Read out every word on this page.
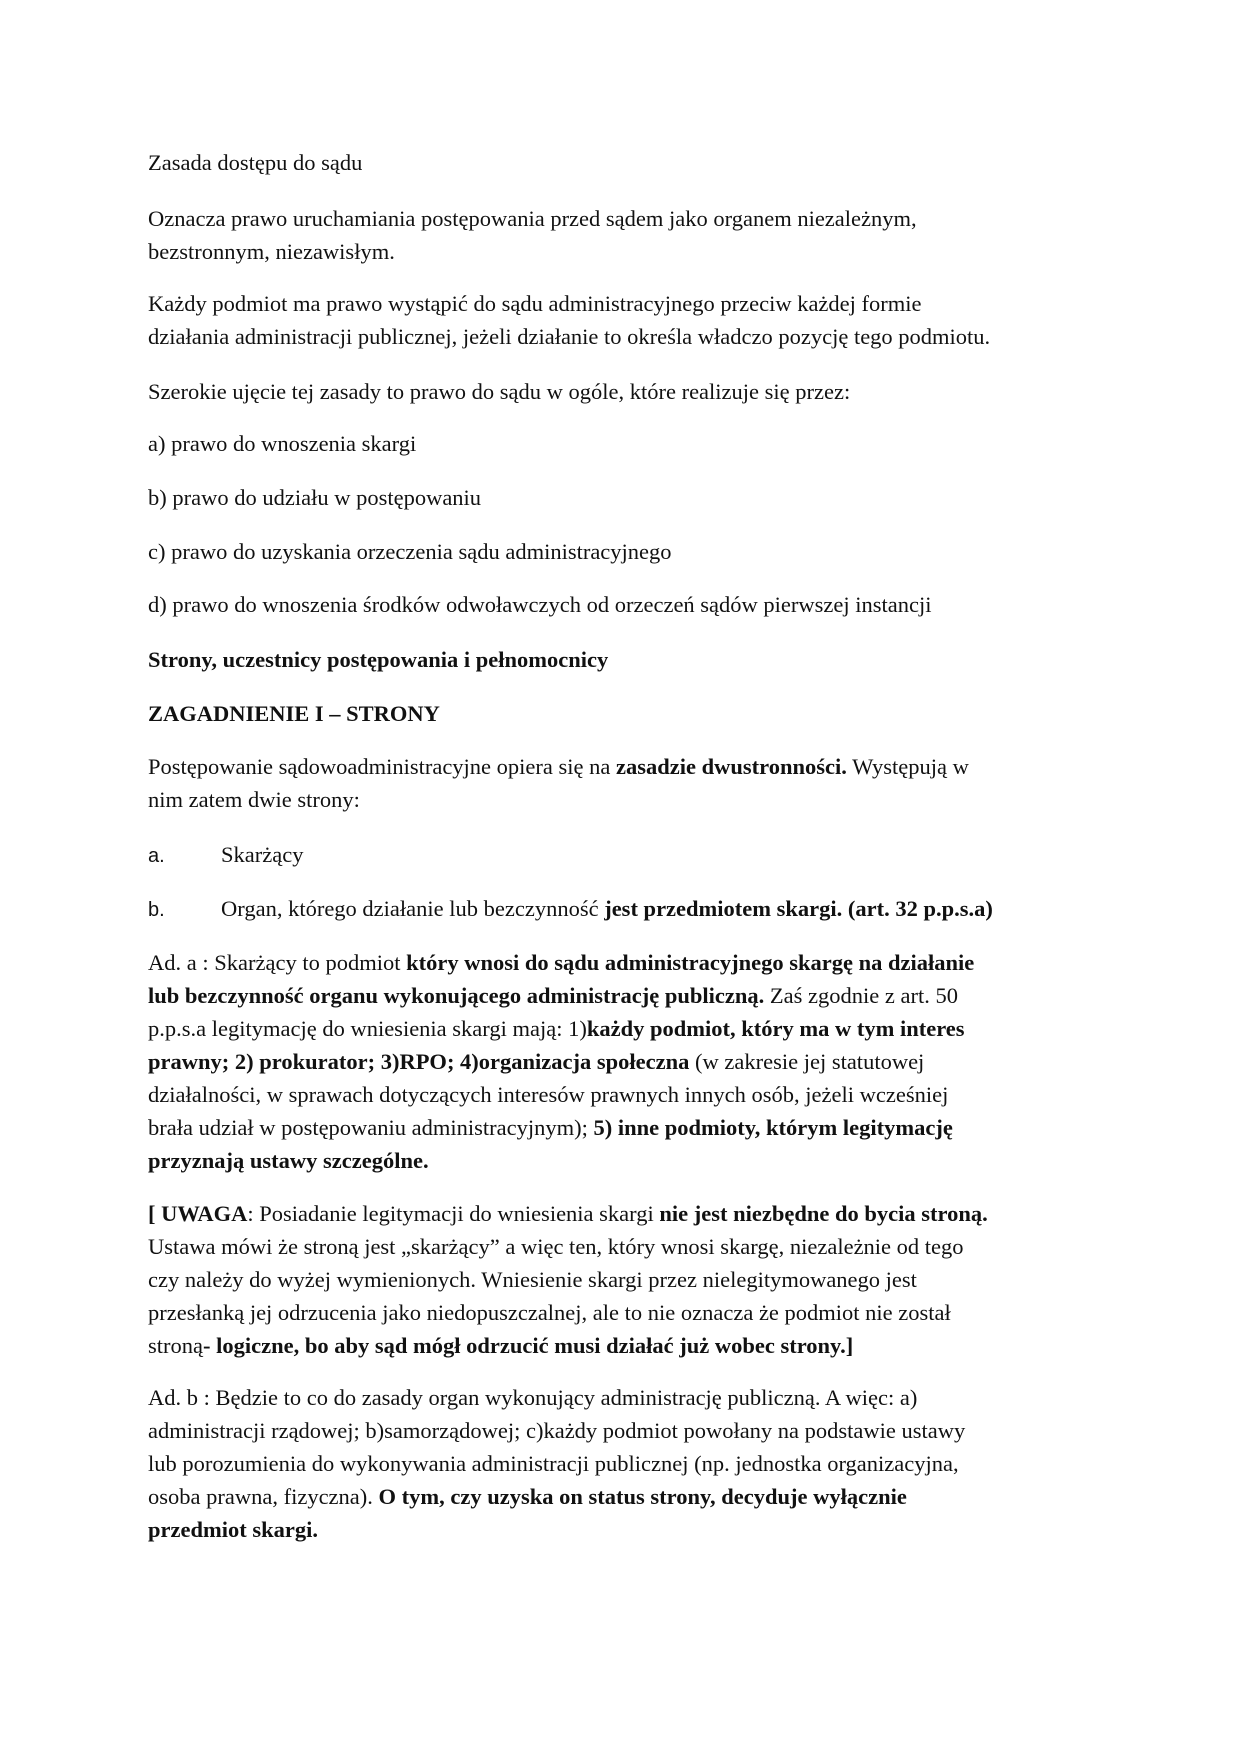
Zasada dostępu do sądu
Oznacza prawo uruchamiania postępowania przed sądem jako organem niezależnym,
bezstronnym, niezawisłym.
Każdy podmiot ma prawo wystąpić do sądu administracyjnego przeciw każdej formie
działania administracji publicznej, jeżeli działanie to określa władczo pozycję tego podmiotu.
Szerokie ujęcie tej zasady to prawo do sądu w ogóle, które realizuje się przez:
a) prawo do wnoszenia skargi
b) prawo do udziału w postępowaniu
c) prawo do uzyskania orzeczenia sądu administracyjnego
d) prawo do wnoszenia środków odwoławczych od orzeczeń sądów pierwszej instancji
Strony, uczestnicy postępowania i pełnomocnicy
ZAGADNIENIE I – STRONY
Postępowanie sądowoadministracyjne opiera się na zasadzie dwustronności. Występują w
nim zatem dwie strony:
a.	Skarżący
b.	Organ, którego działanie lub bezczynność jest przedmiotem skargi. (art. 32 p.p.s.a)
Ad. a : Skarżący to podmiot który wnosi do sądu administracyjnego skargę na działanie
lub bezczynność organu wykonującego administrację publiczną. Zaś zgodnie z art. 50
p.p.s.a legitymację do wniesienia skargi mają: 1)każdy podmiot, który ma w tym interes
prawny; 2) prokurator; 3)RPO; 4)organizacja społeczna (w zakresie jej statutowej
działalności, w sprawach dotyczących interesów prawnych innych osób, jeżeli wcześniej
brała udział w postępowaniu administracyjnym); 5) inne podmioty, którym legitymację
przyznają ustawy szczególne.
[ UWAGA: Posiadanie legitymacji do wniesienia skargi nie jest niezbędne do bycia stroną.
Ustawa mówi że stroną jest „skarżący” a więc ten, który wnosi skargę, niezależnie od tego
czy należy do wyżej wymienionych. Wniesienie skargi przez nielegitymowanego jest
przesłanką jej odrzucenia jako niedopuszczalnej, ale to nie oznacza że podmiot nie został
stroną- logiczne, bo aby sąd mógł odrzucić musi działać już wobec strony.]
Ad. b : Będzie to co do zasady organ wykonujący administrację publiczną. A więc: a)
administracji rządowej; b)samorządowej; c)każdy podmiot powołany na podstawie ustawy
lub porozumienia do wykonywania administracji publicznej (np. jednostka organizacyjna,
osoba prawna, fizyczna). O tym, czy uzyska on status strony, decyduje wyłącznie
przedmiot skargi.
